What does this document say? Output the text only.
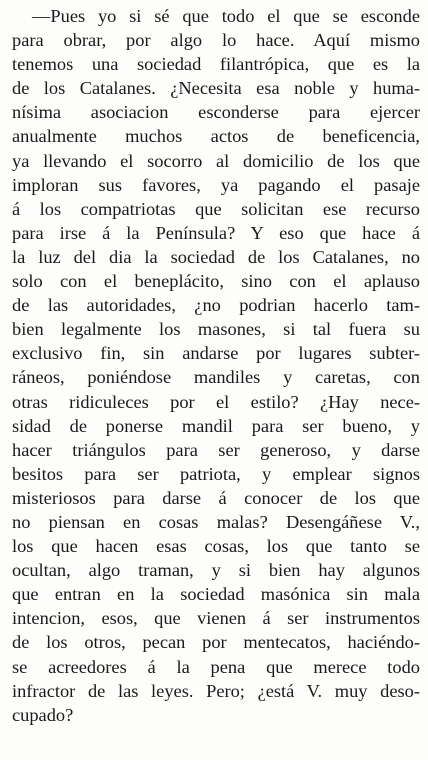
—Pues yo si sé que todo el que se esconde
para obrar, por algo lo hace. Aquí mismo
tenemos una sociedad filantrópica, que es la
de los Catalanes. ¿Necesita esa noble y huma-
nísima asociacion esconderse para ejercer
anualmente muchos actos de beneficencia,
ya llevando el socorro al domicilio de los que
imploran sus favores, ya pagando el pasaje
á los compatriotas que solicitan ese recurso
para irse á la Península? Y eso que hace á
la luz del dia la sociedad de los Catalanes, no
solo con el beneplácito, sino con el aplauso
de las autoridades, ¿no podrian hacerlo tam-
bien legalmente los masones, si tal fuera su
exclusivo fin, sin andarse por lugares subter-
ráneos, poniéndose mandiles y caretas, con
otras ridiculeces por el estilo? ¿Hay nece-
sidad de ponerse mandil para ser bueno, y
hacer triángulos para ser generoso, y darse
besitos para ser patriota, y emplear signos
misteriosos para darse á conocer de los que
no piensan en cosas malas? Desengáñese V.,
los que hacen esas cosas, los que tanto se
ocultan, algo traman, y si bien hay algunos
que entran en la sociedad masónica sin mala
intencion, esos, que vienen á ser instrumentos
de los otros, pecan por mentecatos, haciéndo-
se acreedores á la pena que merece todo
infractor de las leyes. Pero; ¿está V. muy deso-
cupado?
